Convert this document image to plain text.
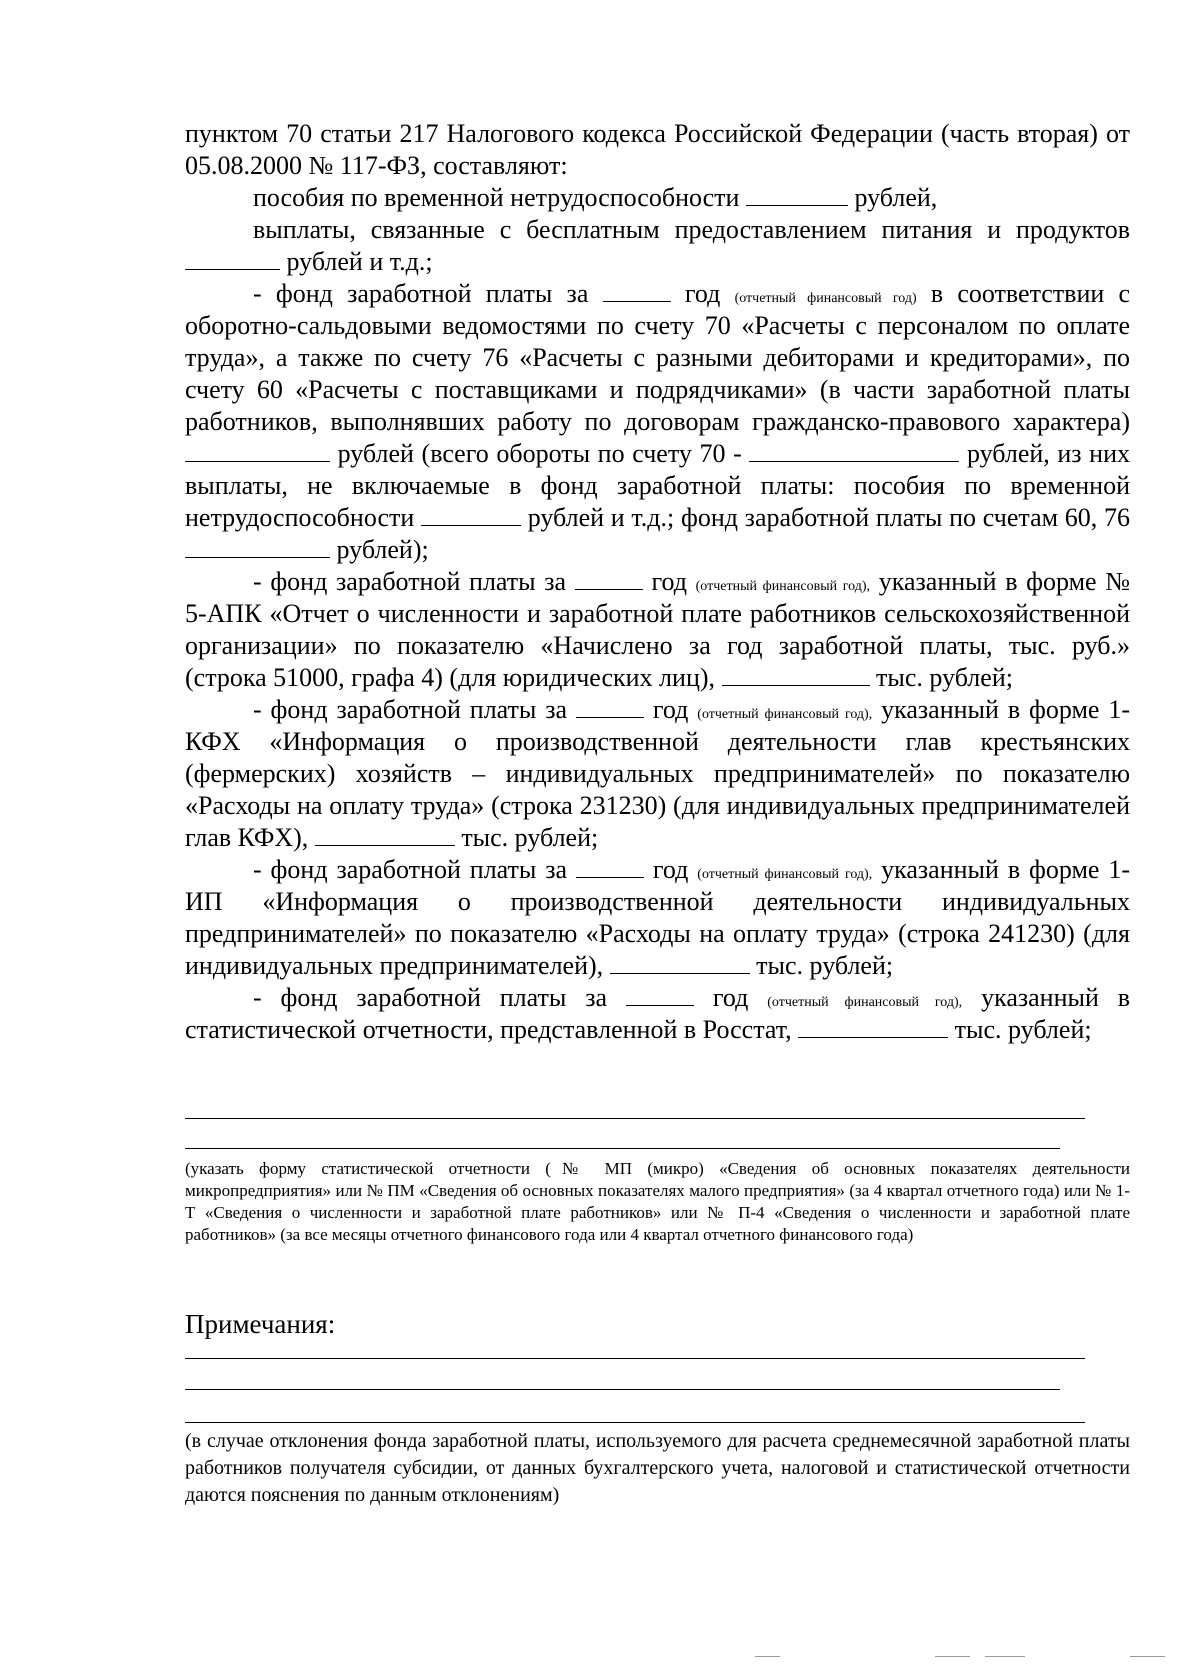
пунктом 70 статьи 217 Налогового кодекса Российской Федерации (часть вторая) от 05.08.2000 № 117-ФЗ, составляют:

пособия по временной нетрудоспособности	рублей,

выплаты, связанные с бесплатным предоставлением питания и продуктов  рублей и т.д.;

- фонд заработной платы за	год (отчетный финансовый год) в соответствии с оборотно-сальдовыми ведомостями по счету 70 «Расчеты с персоналом по оплате труда», а также по счету 76 «Расчеты с разными дебиторами и кредиторами», по счету 60 «Расчеты с поставщиками и подрядчиками» (в части заработной платы работников, выполнявших работу по договорам гражданско-правового характера)  рублей (всего обороты по счету 70 -	рублей, из них выплаты, не включаемые в фонд заработной платы: пособия по временной нетрудоспособности	рублей и т.д.; фонд заработной платы по счетам 60, 76  рублей);

- фонд заработной платы за	год (отчетный финансовый год), указанный в форме № 5-АПК «Отчет о численности и заработной плате работников сельскохозяйственной организации» по показателю «Начислено за год заработной платы, тыс. руб.» (строка 51000, графа 4) (для юридических лиц),	тыс. рублей;

- фонд заработной платы за	год (отчетный финансовый год), указанный в форме 1-КФХ «Информация о производственной деятельности глав крестьянских (фермерских) хозяйств – индивидуальных предпринимателей» по показателю «Расходы на оплату труда» (строка 231230) (для индивидуальных предпринимателей глав КФХ),	тыс. рублей;

- фонд заработной платы за	год (отчетный финансовый год), указанный в форме 1-ИП «Информация о производственной деятельности индивидуальных предпринимателей» по показателю «Расходы на оплату труда» (строка 241230) (для индивидуальных предпринимателей),	тыс. рублей;

- фонд заработной платы за	год (отчетный финансовый год), указанный в статистической отчетности, представленной в Росстат,	тыс. рублей;

(указать форму статистической отчетности (№ МП (микро) «Сведения об основных показателях деятельности микропредприятия» или № ПМ «Сведения об основных показателях малого предприятия» (за 4 квартал отчетного года) или № 1-Т «Сведения о численности и заработной плате работников» или № П-4 «Сведения о численности и заработной плате работников» (за все месяцы отчетного финансового года или 4 квартал отчетного финансового года)
Примечания:
(в случае отклонения фонда заработной платы, используемого для расчета среднемесячной заработной платы работников получателя субсидии, от данных бухгалтерского учета, налоговой и статистической отчетности даются пояснения по данным отклонениям)
